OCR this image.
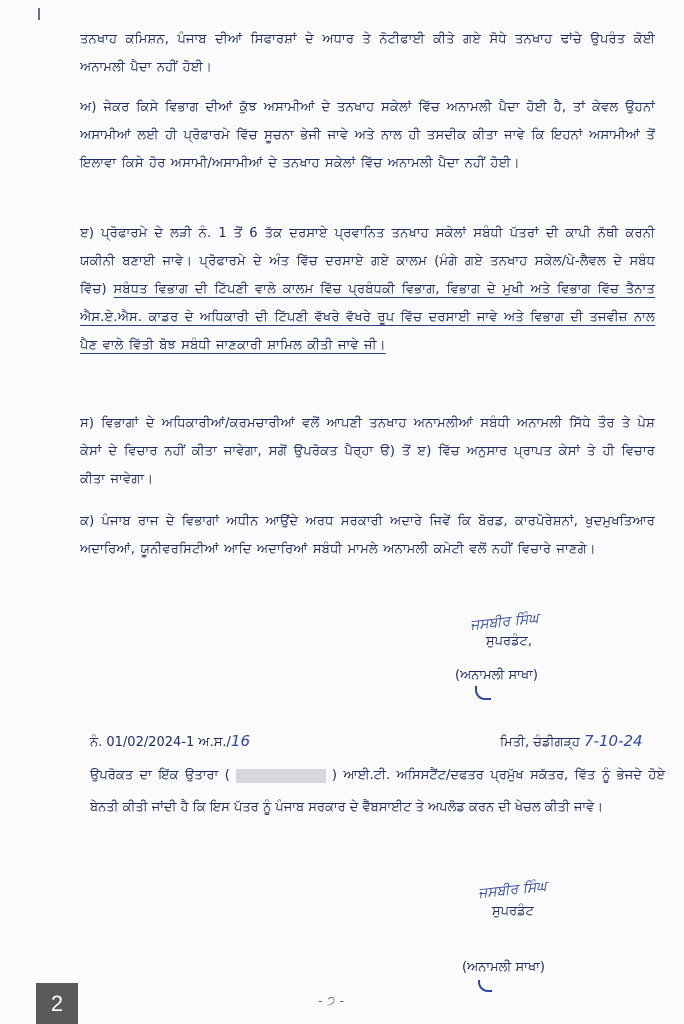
ਤਨਖਾਹ ਕਮਿਸ਼ਨ, ਪੰਜਾਬ ਦੀਆਂ ਸਿਫਾਰਸ਼ਾਂ ਦੇ ਅਧਾਰ ਤੇ ਨੋਟੀਫਾਈ ਕੀਤੇ ਗਏ ਸੋਧੇ ਤਨਖਾਹ ਢਾਂਚੇ ਉਪਰੰਤ ਕੋਈ ਅਨਾਮਲੀ ਪੈਦਾ ਨਹੀਂ ਹੋਈ।
ਅ) ਜੇਕਰ ਕਿਸੇ ਵਿਭਾਗ ਦੀਆਂ ਕੁੱਝ ਅਸਾਮੀਆਂ ਦੇ ਤਨਖਾਹ ਸਕੇਲਾਂ ਵਿੱਚ ਅਨਾਮਲੀ ਪੈਦਾ ਹੋਈ ਹੈ, ਤਾਂ ਕੇਵਲ ਉਹਨਾਂ ਅਸਾਮੀਆਂ ਲਈ ਹੀ ਪ੍ਰੋਫਾਰਮੇ ਵਿੱਚ ਸੂਚਨਾ ਭੇਜੀ ਜਾਵੇ ਅਤੇ ਨਾਲ ਹੀ ਤਸਦੀਕ ਕੀਤਾ ਜਾਵੇ ਕਿ ਇਹਨਾਂ ਅਸਾਮੀਆਂ ਤੋਂ ਇਲਾਵਾ ਕਿਸੇ ਹੋਰ ਅਸਾਮੀ/ਅਸਾਮੀਆਂ ਦੇ ਤਨਖਾਹ ਸਕੇਲਾਂ ਵਿੱਚ ਅਨਾਮਲੀ ਪੈਦਾ ਨਹੀਂ ਹੋਈ।
ੲ) ਪ੍ਰੋਫਾਰਮੇ ਦੇ ਲੜੀ ਨੰ. 1 ਤੋਂ 6 ਤੱਕ ਦਰਸਾਏ ਪ੍ਰਵਾਨਿਤ ਤਨਖਾਹ ਸਕੇਲਾਂ ਸਬੰਧੀ ਪੱਤਰਾਂ ਦੀ ਕਾਪੀ ਨੱਥੀ ਕਰਨੀ ਯਕੀਨੀ ਬਣਾਈ ਜਾਵੇ। ਪ੍ਰੋਫਾਰਮੇ ਦੇ ਅੰਤ ਵਿੱਚ ਦਰਸਾਏ ਗਏ ਕਾਲਮ (ਮੰਗੇ ਗਏ ਤਨਖਾਹ ਸਕੇਲ/ਪੇ-ਲੈਵਲ ਦੇ ਸਬੰਧ ਵਿੱਚ) ਸਬੰਧਤ ਵਿਭਾਗ ਦੀ ਟਿੱਪਣੀ ਵਾਲੇ ਕਾਲਮ ਵਿੱਚ ਪ੍ਰਬੰਧਕੀ ਵਿਭਾਗ, ਵਿਭਾਗ ਦੇ ਮੁਖੀ ਅਤੇ ਵਿਭਾਗ ਵਿੱਚ ਤੈਨਾਤ ਐਸ.ਏ.ਐਸ. ਕਾਡਰ ਦੇ ਅਧਿਕਾਰੀ ਦੀ ਟਿੱਪਣੀ ਵੱਖਰੇ ਵੱਖਰੇ ਰੂਪ ਵਿੱਚ ਦਰਸਾਈ ਜਾਵੇ ਅਤੇ ਵਿਭਾਗ ਦੀ ਤਜਵੀਜ਼ ਨਾਲ ਪੈਣ ਵਾਲੇ ਵਿੱਤੀ ਬੋਝ ਸਬੰਧੀ ਜਾਣਕਾਰੀ ਸ਼ਾਮਿਲ ਕੀਤੀ ਜਾਵੇ ਜੀ।
ਸ) ਵਿਭਾਗਾਂ ਦੇ ਅਧਿਕਾਰੀਆਂ/ਕਰਮਚਾਰੀਆਂ ਵਲੋਂ ਆਪਣੀ ਤਨਖਾਹ ਅਨਾਮਲੀਆਂ ਸਬੰਧੀ ਅਨਾਮਲੀ ਸਿੱਧੇ ਤੌਰ ਤੇ ਪੇਸ਼ ਕੇਸਾਂ ਦੇ ਵਿਚਾਰ ਨਹੀਂ ਕੀਤਾ ਜਾਵੇਗਾ, ਸਗੋਂ ਉਪਰੋਕਤ ਪੈਰ੍ਹਾ ੳ) ਤੋਂ ੲ) ਵਿੱਚ ਅਨੁਸਾਰ ਪ੍ਰਾਪਤ ਕੇਸਾਂ ਤੇ ਹੀ ਵਿਚਾਰ ਕੀਤਾ ਜਾਵੇਗਾ।
ਕ) ਪੰਜਾਬ ਰਾਜ ਦੇ ਵਿਭਾਗਾਂ ਅਧੀਨ ਆਉਂਦੇ ਅਰਧ ਸਰਕਾਰੀ ਅਦਾਰੇ ਜਿਵੇਂ ਕਿ ਬੋਰਡ, ਕਾਰਪੋਰੇਸ਼ਨਾਂ, ਖੁਦਮੁਖਤਿਆਰ ਅਦਾਰਿਆਂ, ਯੂਨੀਵਰਸਿਟੀਆਂ ਆਦਿ ਅਦਾਰਿਆਂ ਸਬੰਧੀ ਮਾਮਲੇ ਅਨਾਮਲੀ ਕਮੇਟੀ ਵਲੋਂ ਨਹੀਂ ਵਿਚਾਰੇ ਜਾਣਗੇ।
ਜਸਬੀਰ ਸਿੰਘ
ਸੁਪਰਡੰਟ,
(ਅਨਾਮਲੀ ਸਾਖਾ)
ਨੰ. 01/02/2024-1 ਅ.ਸ./16	ਮਿਤੀ, ਚੰਡੀਗੜ੍ਹ 7-10-24
ਉਪਰੋਕਤ ਦਾ ਇੱਕ ਉਤਾਰਾ (	) ਆਈ.ਟੀ. ਅਸਿਸਟੈਂਟ/ਦਫਤਰ ਪ੍ਰਮੁੱਖ ਸਕੱਤਰ, ਵਿੱਤ ਨੂੰ ਭੇਜਦੇ ਹੋਏ ਬੇਨਤੀ ਕੀਤੀ ਜਾਂਦੀ ਹੈ ਕਿ ਇਸ ਪੱਤਰ ਨੂੰ ਪੰਜਾਬ ਸਰਕਾਰ ਦੇ ਵੈੱਬਸਾਈਟ ਤੇ ਅਪਲੋਡ ਕਰਨ ਦੀ ਖੇਚਲ ਕੀਤੀ ਜਾਵੇ।
ਜਸਬੀਰ ਸਿੰਘ
ਸੁਪਰਡੰਟ
(ਅਨਾਮਲੀ ਸਾਖਾ)
- ੭ -
2
